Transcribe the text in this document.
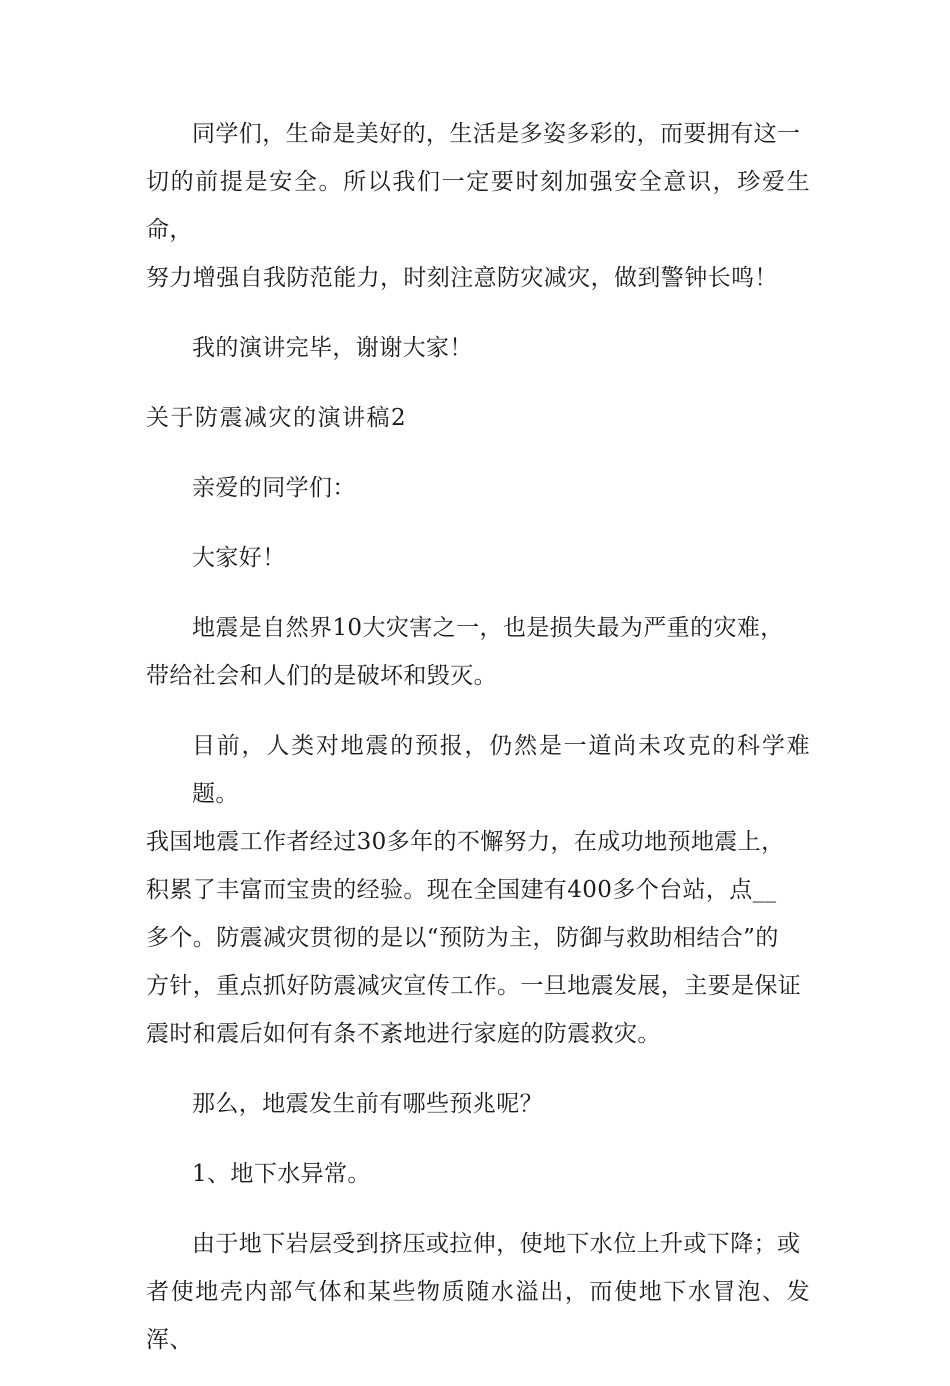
同学们，生命是美好的，生活是多姿多彩的，而要拥有这一
切的前提是安全。所以我们一定要时刻加强安全意识，珍爱生命，
努力增强自我防范能力，时刻注意防灾减灾，做到警钟长鸣！
我的演讲完毕，谢谢大家！
关于防震减灾的演讲稿2
亲爱的同学们：
大家好！
地震是自然界10大灾害之一，也是损失最为严重的灾难，
带给社会和人们的是破坏和毁灭。
目前，人类对地震的预报，仍然是一道尚未攻克的科学难题。
我国地震工作者经过30多年的不懈努力，在成功地预地震上，
积累了丰富而宝贵的经验。现在全国建有400多个台站，点__
多个。防震减灾贯彻的是以“预防为主，防御与救助相结合”的
方针，重点抓好防震减灾宣传工作。一旦地震发展，主要是保证
震时和震后如何有条不紊地进行家庭的防震救灾。
那么，地震发生前有哪些预兆呢？
1、地下水异常。
由于地下岩层受到挤压或拉伸，使地下水位上升或下降；或
者使地壳内部气体和某些物质随水溢出，而使地下水冒泡、发浑、
